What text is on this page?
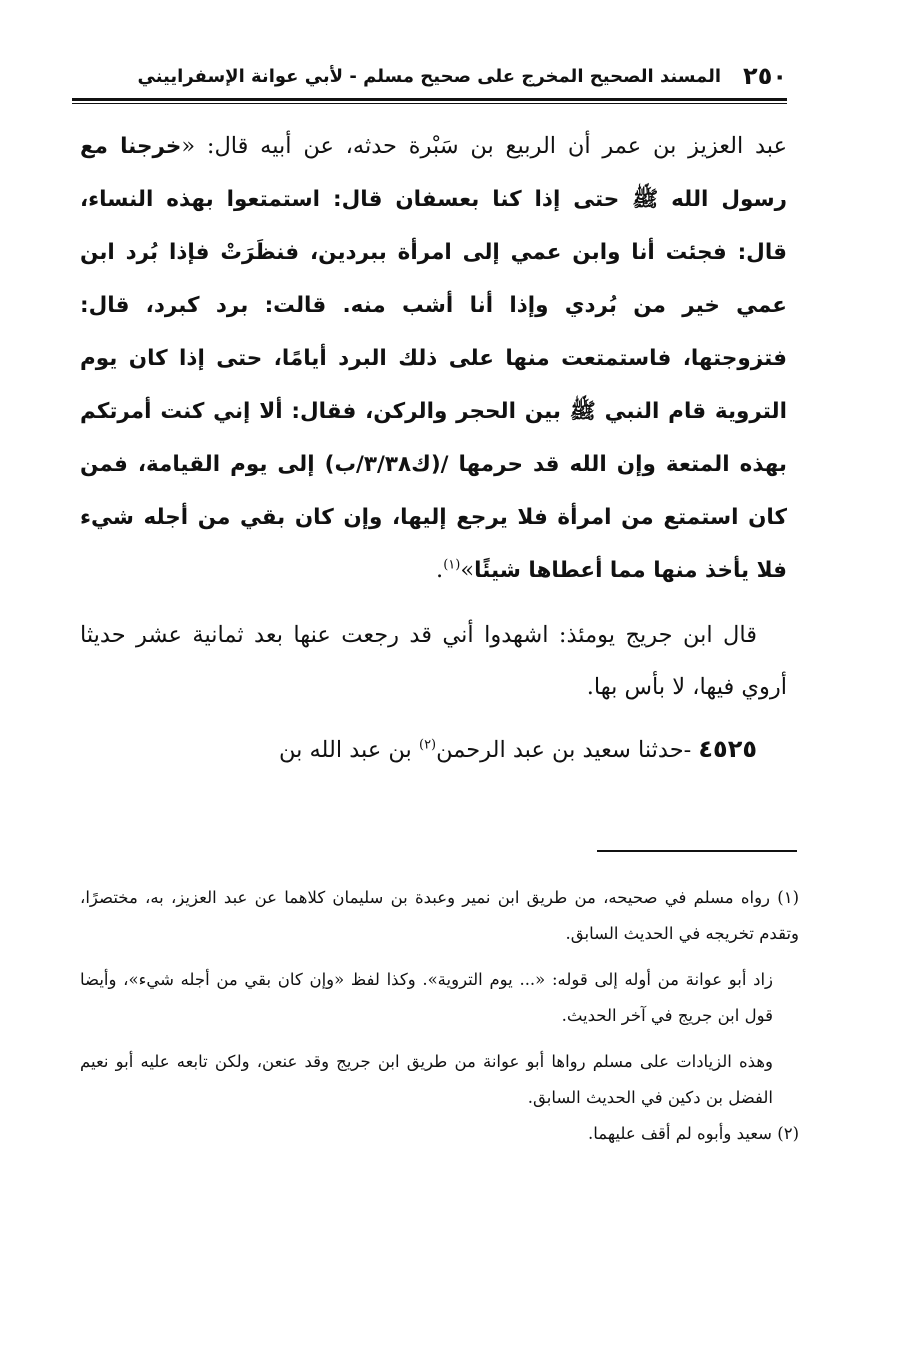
٢٥٠
المسند الصحيح المخرج على صحيح مسلم - لأبي عوانة الإسفراييني

عبد العزيز بن عمر أن الربيع بن سَبْرة حدثه، عن أبيه قال: «خرجنا مع رسول الله ﷺ حتى إذا كنا بعسفان قال: استمتعوا بهذه النساء، قال: فجئت أنا وابن عمي إلى امرأة ببردين، فنظَرَتْ فإذا بُرد ابن عمي خير من بُردي وإذا أنا أشب منه. قالت: برد كبرد، قال: فتزوجتها، فاستمتعت منها على ذلك البرد أيامًا، حتى إذا كان يوم التروية قام النبي ﷺ بين الحجر والركن، فقال: ألا إني كنت أمرتكم بهذه المتعة وإن الله قد حرمها /(ك٣/٣٨/ب) إلى يوم القيامة، فمن كان استمتع من امرأة فلا يرجع إليها، وإن كان بقي من أجله شيء فلا يأخذ منها مما أعطاها شيئًا»$^{(١)}$.

قال ابن جريج يومئذ: اشهدوا أني قد رجعت عنها بعد ثمانية عشر حديثا أروي فيها، لا بأس بها.

٤٥٢٥ -حدثنا سعيد بن عبد الرحمن$^{(٢)}$ بن عبد الله بن

(١) رواه مسلم في صحيحه، من طريق ابن نمير وعبدة بن سليمان كلاهما عن عبد العزيز، به، مختصرًا، وتقدم تخريجه في الحديث السابق.

زاد أبو عوانة من أوله إلى قوله: «... يوم التروية». وكذا لفظ «وإن كان بقي من أجله شيء»، وأيضا قول ابن جريج في آخر الحديث.

وهذه الزيادات على مسلم رواها أبو عوانة من طريق ابن جريج وقد عنعن، ولكن تابعه عليه أبو نعيم الفضل بن دكين في الحديث السابق.

(٢) سعيد وأبوه لم أقف عليهما.
